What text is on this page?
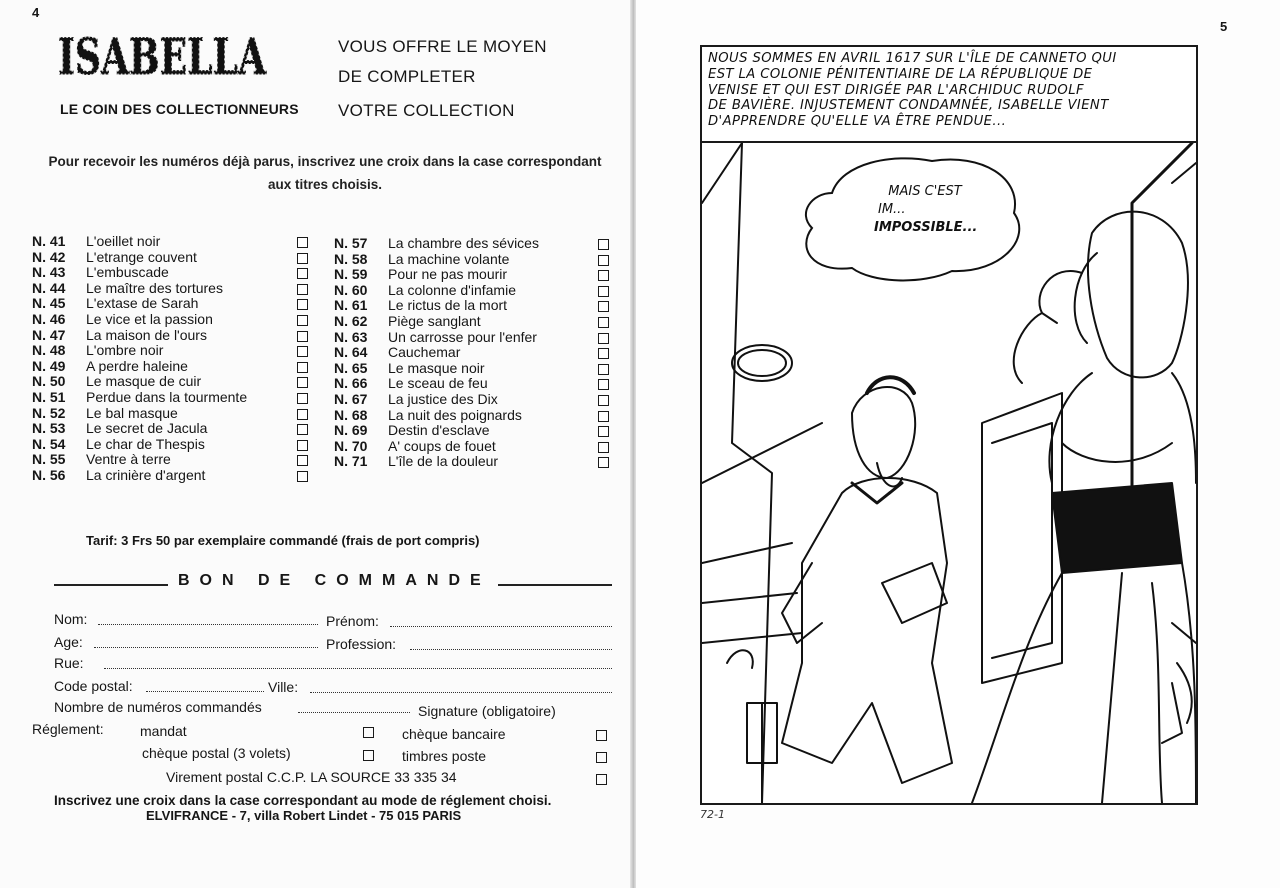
4
ISABELLA
ISABELLA
LE COIN DES COLLECTIONNEURS
VOUS OFFRE LE MOYEN
DE COMPLETER
VOTRE COLLECTION
Pour recevoir les numéros déjà parus, inscrivez une croix dans la case correspondant aux titres choisis.
N. 41 L'oeillet noir
N. 42 L'etrange couvent
N. 43 L'embuscade
N. 44 Le maître des tortures
N. 45 L'extase de Sarah
N. 46 Le vice et la passion
N. 47 La maison de l'ours
N. 48 L'ombre noir
N. 49 A perdre haleine
N. 50 Le masque de cuir
N. 51 Perdue dans la tourmente
N. 52 Le bal masque
N. 53 Le secret de Jacula
N. 54 Le char de Thespis
N. 55 Ventre à terre
N. 56 La crinière d'argent
N. 57 La chambre des sévices
N. 58 La machine volante
N. 59 Pour ne pas mourir
N. 60 La colonne d'infamie
N. 61 Le rictus de la mort
N. 62 Piège sanglant
N. 63 Un carrosse pour l'enfer
N. 64 Cauchemar
N. 65 Le masque noir
N. 66 Le sceau de feu
N. 67 La justice des Dix
N. 68 La nuit des poignards
N. 69 Destin d'esclave
N. 70 A' coups de fouet
N. 71 L'île de la douleur
Tarif: 3 Frs 50 par exemplaire commandé (frais de port compris)
BON DE COMMANDE
Nom:	Prénom:
Age:	Profession:
Rue:
Code postal:	Ville:
Nombre de numéros commandés	Signature (obligatoire)
Réglement:	mandat	chèque bancaire
chèque postal (3 volets)	timbres poste
Virement postal C.C.P. LA SOURCE 33 335 34
Inscrivez une croix dans la case correspondant au mode de réglement choisi.
ELVIFRANCE - 7, villa Robert Lindet - 75 015 PARIS
5
NOUS SOMMES EN AVRIL 1617 SUR L'ÎLE DE CANNETO QUI
EST LA COLONIE PÉNITENTIAIRE DE LA RÉPUBLIQUE DE
VENISE ET QUI EST DIRIGÉE PAR L'ARCHIDUC RUDOLF
DE BAVIÈRE. INJUSTEMENT CONDAMNÉE, ISABELLE VIENT
D'APPRENDRE QU'ELLE VA ÊTRE PENDUE...
MAIS C'EST
IM...
IMPOSSIBLE...
72-1
